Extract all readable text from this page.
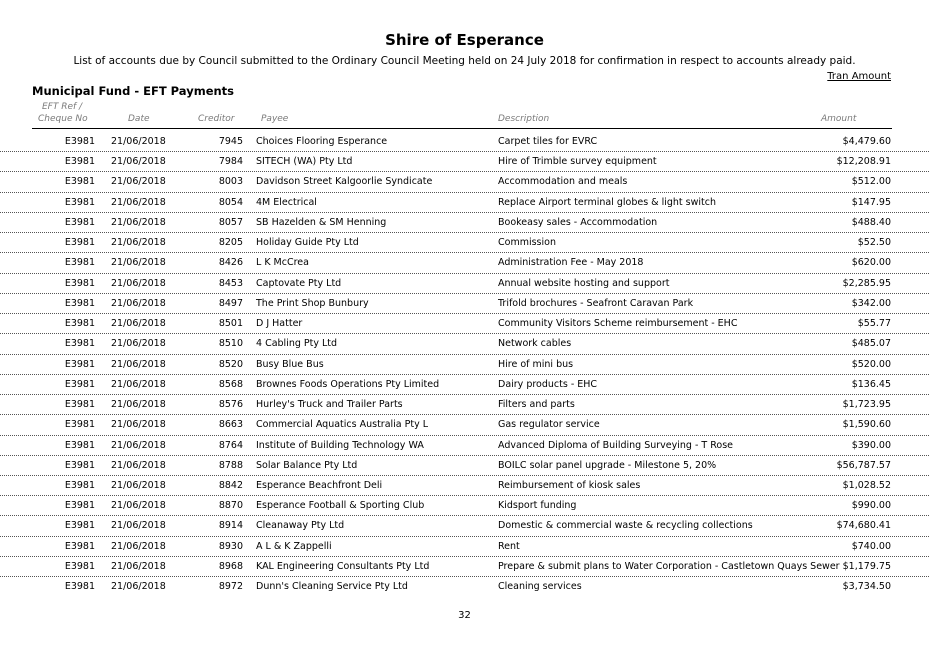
Shire of Esperance
List of accounts due by Council submitted to the Ordinary Council Meeting held on 24 July 2018 for confirmation in respect to accounts already paid.
Tran Amount
Municipal Fund - EFT Payments
EFT Ref /
Cheque No	Date	Creditor	Payee	Description	Amount
E3981 21/06/2018	7945 Choices Flooring Esperance	Carpet tiles for EVRC	$4,479.60
E3981 21/06/2018	7984 SITECH (WA) Pty Ltd	Hire of Trimble survey equipment	$12,208.91
E3981 21/06/2018	8003 Davidson Street Kalgoorlie Syndicate	Accommodation and meals	$512.00
E3981 21/06/2018	8054 4M Electrical	Replace Airport terminal globes & light switch	$147.95
E3981 21/06/2018	8057 SB Hazelden & SM Henning	Bookeasy sales - Accommodation	$488.40
E3981 21/06/2018	8205 Holiday Guide Pty Ltd	Commission	$52.50
E3981 21/06/2018	8426 L K McCrea	Administration Fee - May 2018	$620.00
E3981 21/06/2018	8453 Captovate Pty Ltd	Annual website hosting and support	$2,285.95
E3981 21/06/2018	8497 The Print Shop Bunbury	Trifold brochures - Seafront Caravan Park	$342.00
E3981 21/06/2018	8501 D J Hatter	Community Visitors Scheme reimbursement - EHC	$55.77
E3981 21/06/2018	8510 4 Cabling Pty Ltd	Network cables	$485.07
E3981 21/06/2018	8520 Busy Blue Bus	Hire of mini bus	$520.00
E3981 21/06/2018	8568 Brownes Foods Operations Pty Limited	Dairy products - EHC	$136.45
E3981 21/06/2018	8576 Hurley's Truck and Trailer Parts	Filters and parts	$1,723.95
E3981 21/06/2018	8663 Commercial Aquatics Australia Pty L	Gas regulator service	$1,590.60
E3981 21/06/2018	8764 Institute of Building Technology WA	Advanced Diploma of Building Surveying - T Rose	$390.00
E3981 21/06/2018	8788 Solar Balance Pty Ltd	BOILC solar panel upgrade - Milestone 5, 20%	$56,787.57
E3981 21/06/2018	8842 Esperance Beachfront Deli	Reimbursement of kiosk sales	$1,028.52
E3981 21/06/2018	8870 Esperance Football & Sporting Club	Kidsport funding	$990.00
E3981 21/06/2018	8914 Cleanaway Pty Ltd	Domestic & commercial waste & recycling collections	$74,680.41
E3981 21/06/2018	8930 A L & K Zappelli	Rent	$740.00
E3981 21/06/2018	8968 KAL Engineering Consultants Pty Ltd	Prepare & submit plans to Water Corporation - Castletown Quays Sewer $1,179.75
E3981 21/06/2018	8972 Dunn's Cleaning Service Pty Ltd	Cleaning services	$3,734.50
32
